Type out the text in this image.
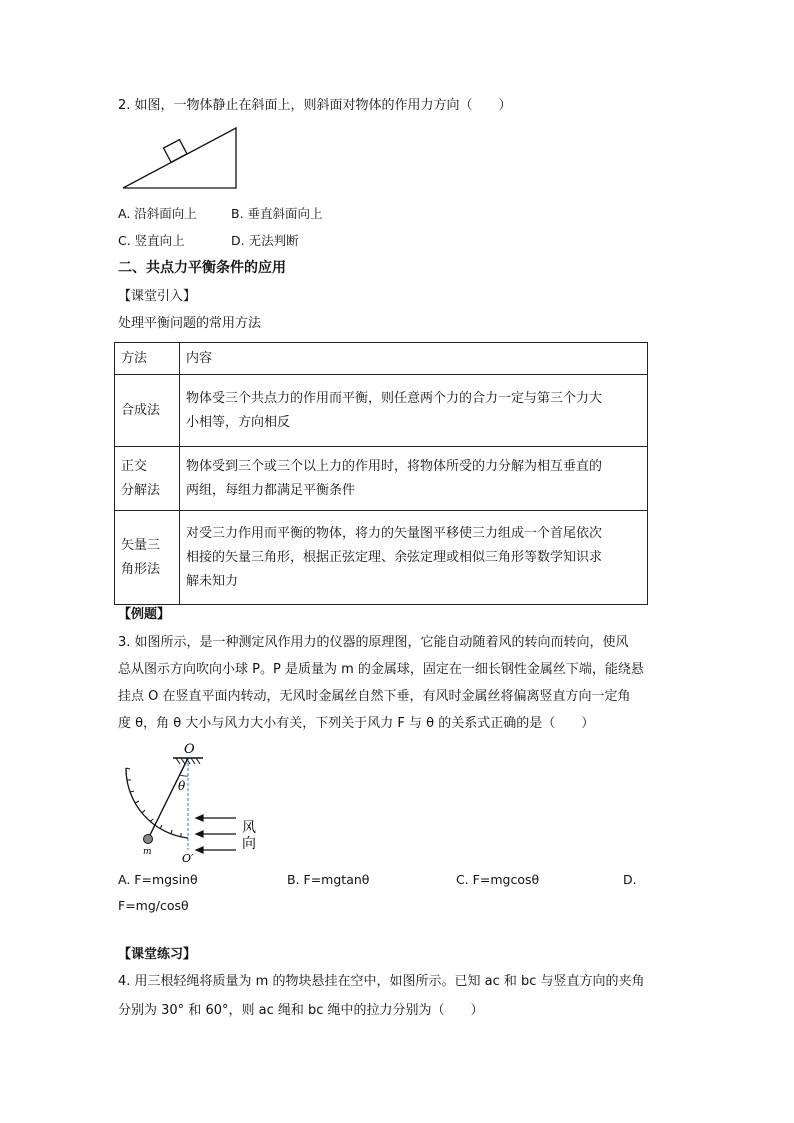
2. 如图，一物体静止在斜面上，则斜面对物体的作用力方向（　　）
A. 沿斜面向上	B. 垂直斜面向上
C. 竖直向上	D. 无法判断
二、共点力平衡条件的应用
【课堂引入】
处理平衡问题的常用方法
方法	内容
合成法	物体受三个共点力的作用而平衡，则任意两个力的合力一定与第三个力大
小相等，方向相反
正交
分解法	物体受到三个或三个以上力的作用时，将物体所受的力分解为相互垂直的
两组，每组力都满足平衡条件
矢量三
角形法	对受三力作用而平衡的物体，将力的矢量图平移使三力组成一个首尾依次
相接的矢量三角形，根据正弦定理、余弦定理或相似三角形等数学知识求
解未知力
【例题】
3. 如图所示，是一种测定风作用力的仪器的原理图，它能自动随着风的转向而转向，使风
总从图示方向吹向小球 P。P 是质量为 m 的金属球，固定在一细长钢性金属丝下端，能绕悬
挂点 O 在竖直平面内转动，无风时金属丝自然下垂，有风时金属丝将偏离竖直方向一定角
度 θ，角 θ 大小与风力大小有关，下列关于风力 F 与 θ 的关系式正确的是（　　）
O
θ
m	O′
风
向
A. F=mgsinθ	B. F=mgtanθ	C. F=mgcosθ	D.
F=mg/cosθ
【课堂练习】
4. 用三根轻绳将质量为 m 的物块悬挂在空中，如图所示。已知 ac 和 bc 与竖直方向的夹角
分别为 30° 和 60°，则 ac 绳和 bc 绳中的拉力分别为（　　）
